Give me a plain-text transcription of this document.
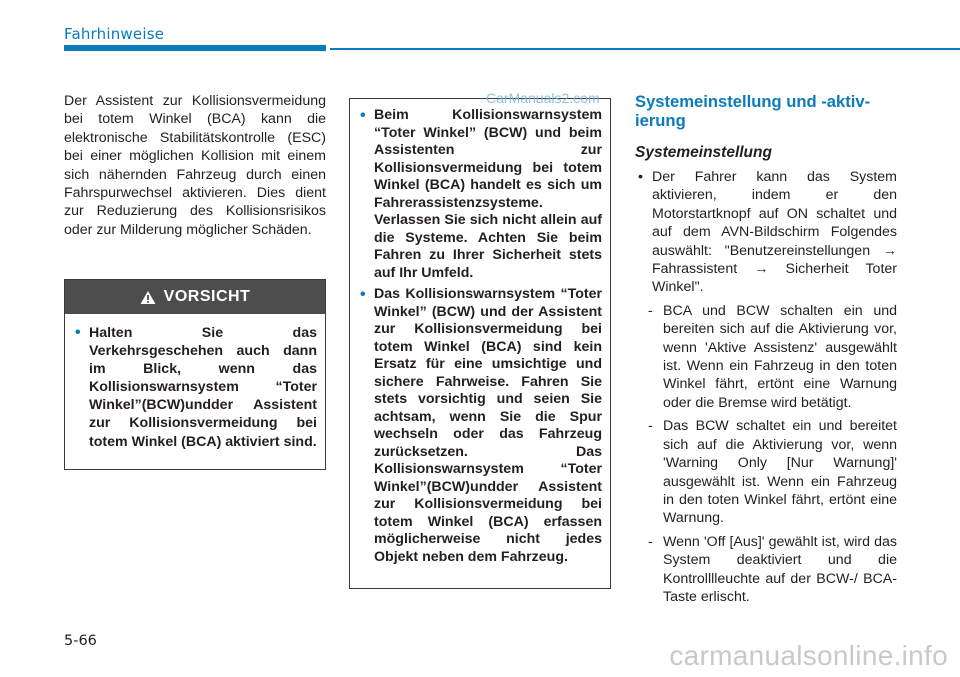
Fahrhinweise

Der Assistent zur Kollisionsvermeidung bei totem Winkel (BCA) kann die elektronische Stabilitätskontrolle (ESC) bei einer möglichen Kollision mit einem sich nähernden Fahrzeug durch einen Fahrspurwechsel aktivieren. Dies dient zur Reduzierung des Kollisionsrisikos oder zur Milderung möglicher Schäden.

VORSICHT
• Halten Sie das Verkehrsgeschehen auch dann im Blick, wenn das Kollisionswarnsystem “Toter Winkel”(BCW)undder Assistent zur Kollisionsvermeidung bei totem Winkel (BCA) aktiviert sind.
• Beim Kollisionswarnsystem “Toter Winkel” (BCW) und beim Assistenten zur Kollisionsvermeidung bei totem Winkel (BCA) handelt es sich um Fahrerassistenzsysteme. Verlassen Sie sich nicht allein auf die Systeme. Achten Sie beim Fahren zu Ihrer Sicherheit stets auf Ihr Umfeld.
• Das Kollisionswarnsystem “Toter Winkel” (BCW) und der Assistent zur Kollisionsvermeidung bei totem Winkel (BCA) sind kein Ersatz für eine umsichtige und sichere Fahrweise. Fahren Sie stets vorsichtig und seien Sie achtsam, wenn Sie die Spur wechseln oder das Fahrzeug zurücksetzen. Das Kollisionswarnsystem “Toter Winkel”(BCW)undder Assistent zur Kollisionsvermeidung bei totem Winkel (BCA) erfassen möglicherweise nicht jedes Objekt neben dem Fahrzeug.
CarManuals2.com Systemeinstellung und -aktiv-ierung
Systemeinstellung

• Der Fahrer kann das System aktivieren, indem er den Motorstartknopf auf ON schaltet und auf dem AVN-Bildschirm Folgendes auswählt: "Benutzereinstellungen → Fahrassistent → Sicherheit Toter Winkel".

- BCA und BCW schalten ein und bereiten sich auf die Aktivierung vor, wenn 'Aktive Assistenz' ausgewählt ist. Wenn ein Fahrzeug in den toten Winkel fährt, ertönt eine Warnung oder die Bremse wird betätigt.

- Das BCW schaltet ein und bereitet sich auf die Aktivierung vor, wenn 'Warning Only [Nur Warnung]' ausgewählt ist. Wenn ein Fahrzeug in den toten Winkel fährt, ertönt eine Warnung.

- Wenn 'Off [Aus]' gewählt ist, wird das System deaktiviert und die Kontrolllleuchte auf der BCW-/ BCA-Taste erlischt.

5-66	carmanualsonline.info
